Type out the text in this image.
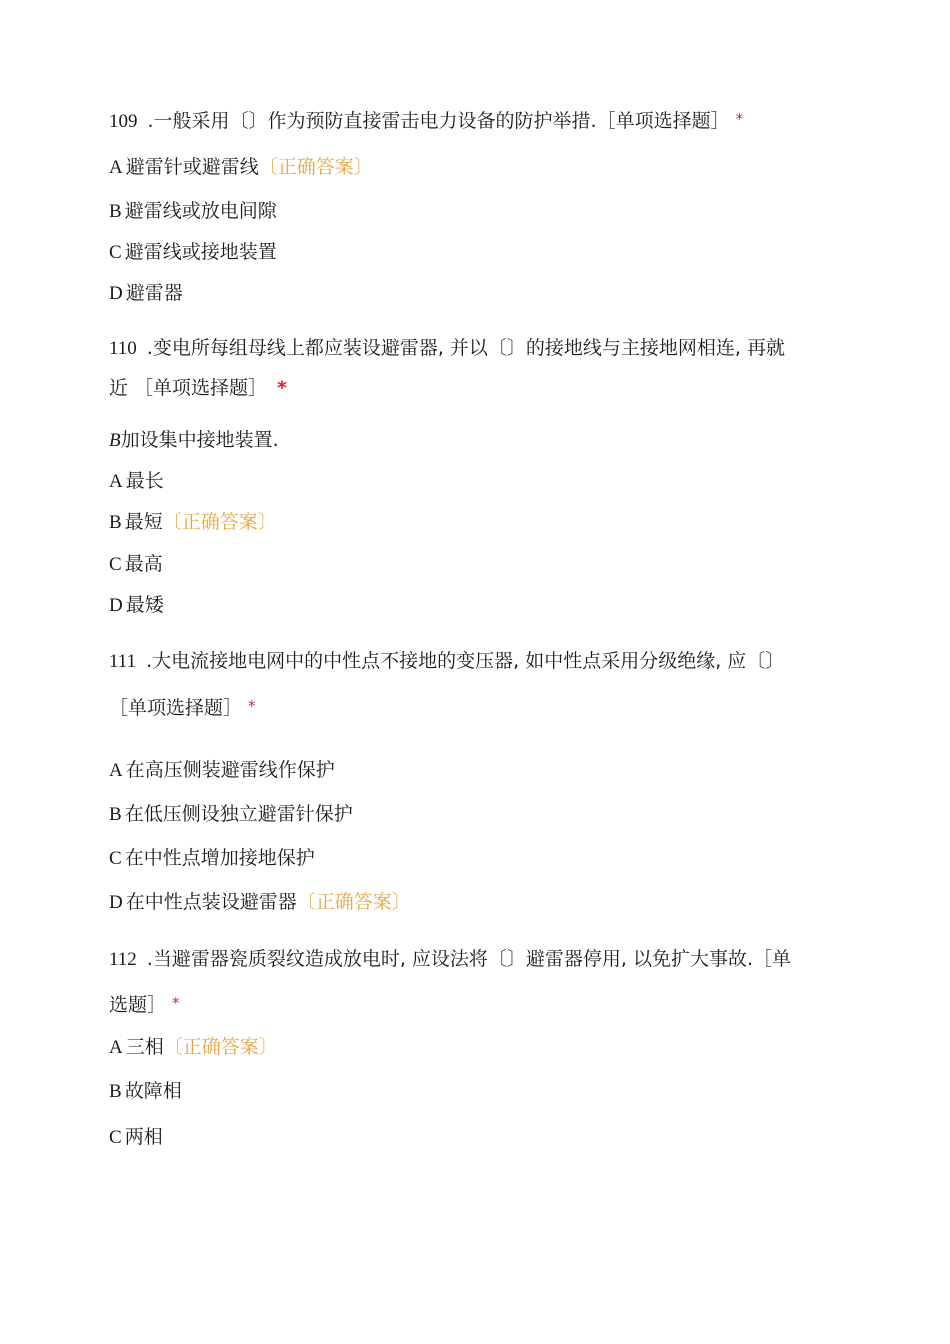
109 .一般采用〔〕作为预防直接雷击电力设备的防护举措.［单项选择题］ *
A 避雷针或避雷线〔正确答案〕
B 避雷线或放电间隙
C 避雷线或接地装置
D 避雷器
110 .变电所每组母线上都应装设避雷器, 并以〔〕的接地线与主接地网相连, 再就
近 ［单项选择题］ *
B加设集中接地装置.
A 最长
B 最短〔正确答案〕
C 最高
D 最矮
111 .大电流接地电网中的中性点不接地的变压器, 如中性点采用分级绝缘, 应〔〕
［单项选择题］ *
A 在高压侧装避雷线作保护
B 在低压侧设独立避雷针保护
C 在中性点增加接地保护
D 在中性点装设避雷器〔正确答案〕
112 .当避雷器瓷质裂纹造成放电时, 应设法将〔〕避雷器停用, 以免扩大事故.［单
选题］ *
A 三相〔正确答案〕
B 故障相
C 两相
